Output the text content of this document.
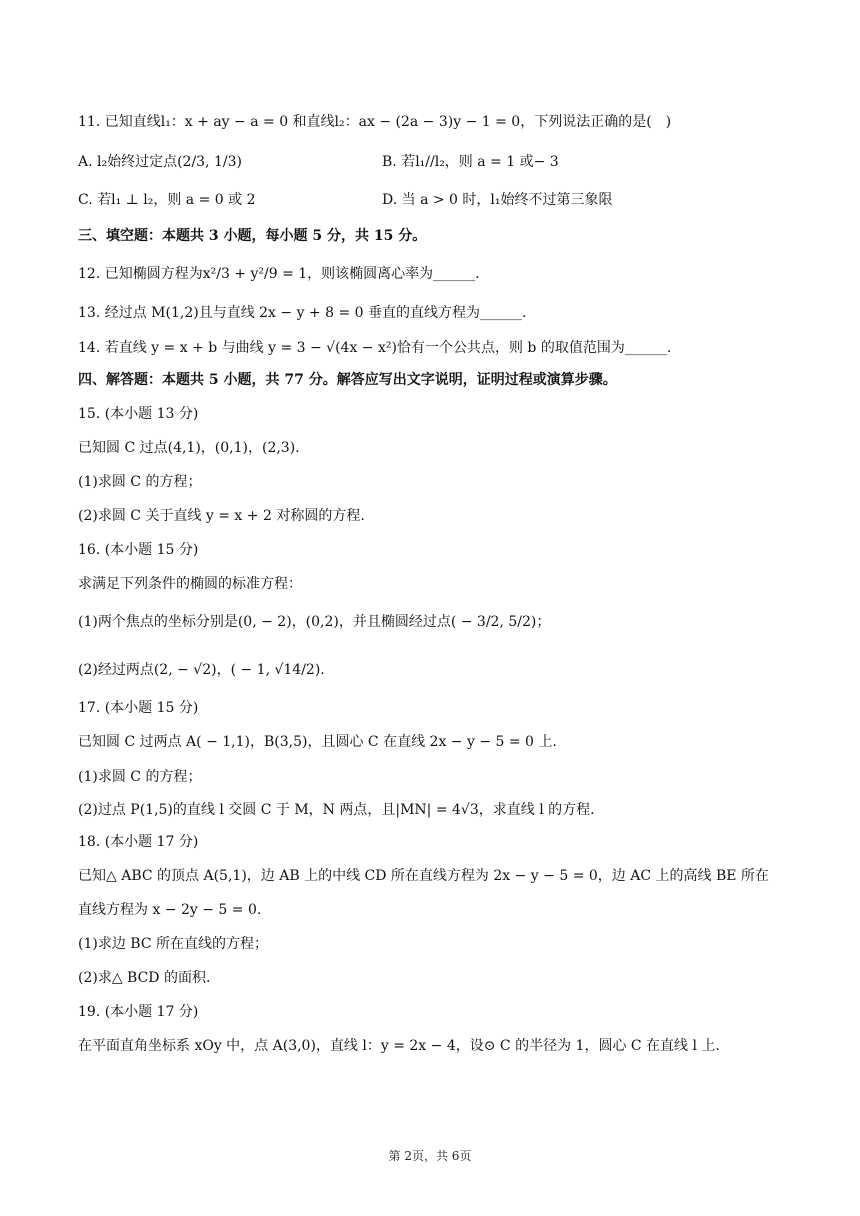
11. 已知直线l₁：x + ay − a = 0 和直线l₂：ax − (2a − 3)y − 1 = 0，下列说法正确的是(　)
A. l₂始终过定点(2/3, 1/3)	B. 若l₁//l₂，则 a = 1 或− 3
C. 若l₁ ⊥ l₂，则 a = 0 或 2	D. 当 a > 0 时，l₁始终不过第三象限
三、填空题：本题共 3 小题，每小题 5 分，共 15 分。
12. 已知椭圆方程为x²/3 + y²/9 = 1，则该椭圆离心率为______.
13. 经过点 M(1,2)且与直线 2x − y + 8 = 0 垂直的直线方程为______.
14. 若直线 y = x + b 与曲线 y = 3 − √(4x − x²)恰有一个公共点，则 b 的取值范围为______.
四、解答题：本题共 5 小题，共 77 分。解答应写出文字说明，证明过程或演算步骤。
15. (本小题 13 分)
已知圆 C 过点(4,1)，(0,1)，(2,3).
(1)求圆 C 的方程；
(2)求圆 C 关于直线 y = x + 2 对称圆的方程.
16. (本小题 15 分)
求满足下列条件的椭圆的标准方程：
(1)两个焦点的坐标分别是(0, − 2)，(0,2)，并且椭圆经过点( − 3/2, 5/2)；
(2)经过两点(2, − √2)，( − 1, √14/2).
17. (本小题 15 分)
已知圆 C 过两点 A( − 1,1)，B(3,5)，且圆心 C 在直线 2x − y − 5 = 0 上.
(1)求圆 C 的方程；
(2)过点 P(1,5)的直线 l 交圆 C 于 M，N 两点，且|MN| = 4√3，求直线 l 的方程.
18. (本小题 17 分)
已知△ ABC 的顶点 A(5,1)，边 AB 上的中线 CD 所在直线方程为 2x − y − 5 = 0，边 AC 上的高线 BE 所在
直线方程为 x − 2y − 5 = 0.
(1)求边 BC 所在直线的方程；
(2)求△ BCD 的面积.
19. (本小题 17 分)
在平面直角坐标系 xOy 中，点 A(3,0)，直线 l：y = 2x − 4，设⊙ C 的半径为 1，圆心 C 在直线 l 上.
第 2页，共 6页
